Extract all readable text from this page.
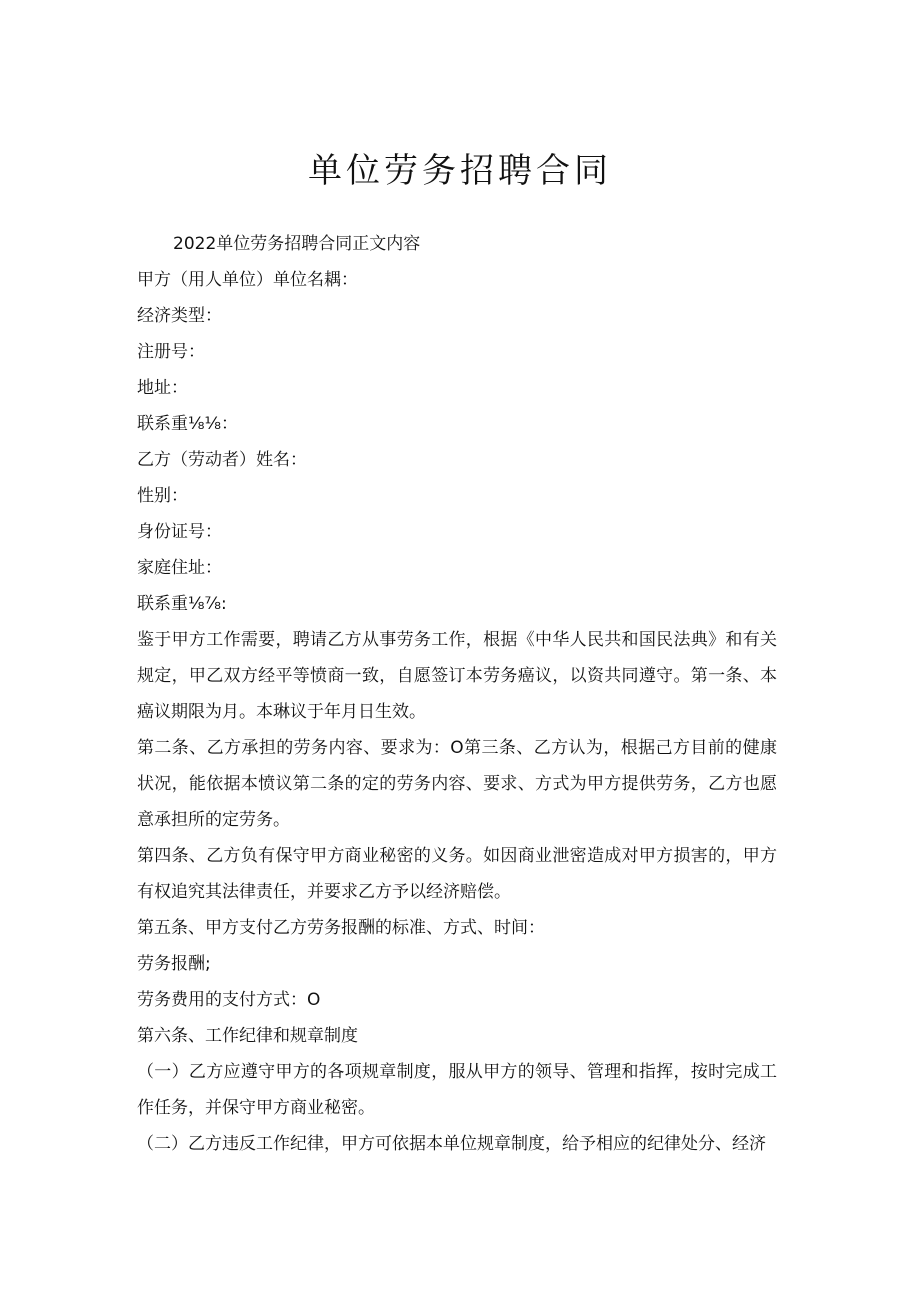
单位劳务招聘合同
2022单位劳务招聘合同正文内容
甲方（用人单位）单位名耦：
经济类型：
注册号：
地址：
联系重⅛⅛：
乙方（劳动者）姓名：
性别：
身份证号：
家庭住址：
联系重⅛⅞:
鉴于甲方工作需要，聘请乙方从事劳务工作，根据《中华人民共和国民法典》和有关规定，甲乙双方经平等愤商一致，自愿签订本劳务癌议，以资共同遵守。第一条、本癌议期限为月。本琳议于年月日生效。
第二条、乙方承担的劳务内容、要求为：O第三条、乙方认为，根据己方目前的健康状况，能依据本愤议第二条的定的劳务内容、要求、方式为甲方提供劳务，乙方也愿意承担所的定劳务。
第四条、乙方负有保守甲方商业秘密的义务。如因商业泄密造成对甲方损害的，甲方有权追究其法律责任，并要求乙方予以经济赔偿。
第五条、甲方支付乙方劳务报酬的标准、方式、时间：
劳务报酬;
劳务费用的支付方式：O
第六条、工作纪律和规章制度
（一）乙方应遵守甲方的各项规章制度，服从甲方的领导、管理和指挥，按时完成工作任务，并保守甲方商业秘密。
（二）乙方违反工作纪律，甲方可依据本单位规章制度，给予相应的纪律处分、经济
